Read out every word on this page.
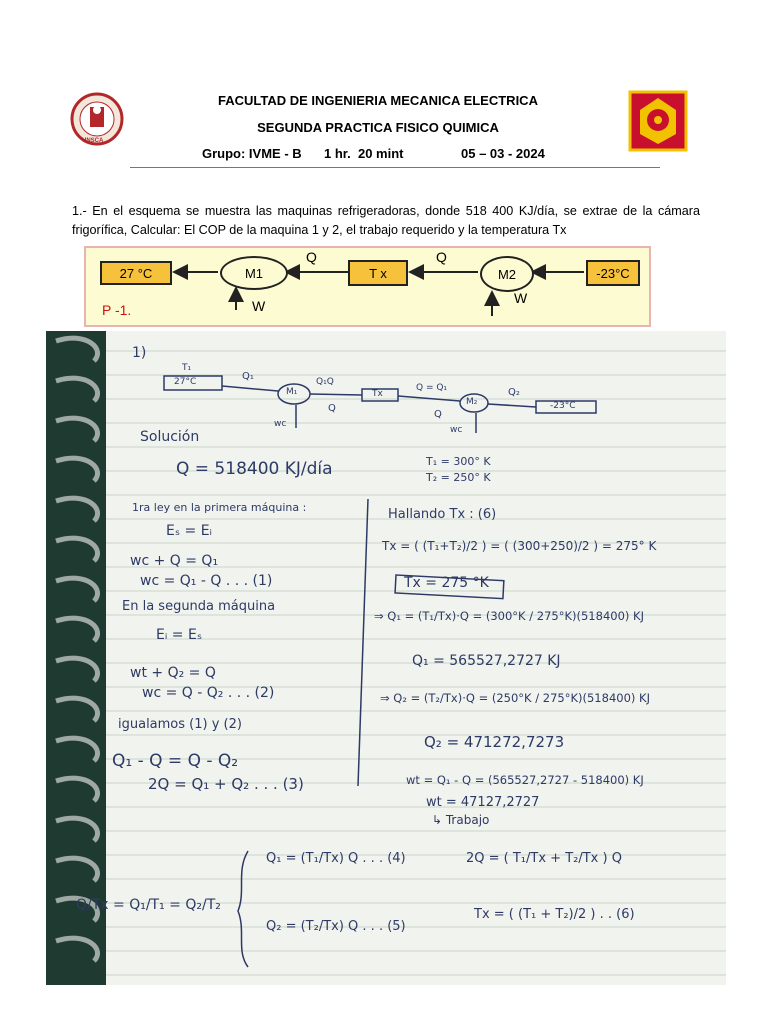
UNSCA
FACULTAD DE INGENIERIA MECANICA ELECTRICA
SEGUNDA PRACTICA FISICO QUIMICA
Grupo: IVME - B 1 hr.  20 mint	05 – 03 - 2024
1.- En el esquema se muestra las maquinas refrigeradoras, donde 518 400 KJ/día, se extrae de la cámara frigorífica, Calcular: El COP de la maquina 1 y 2, el trabajo requerido y la temperatura Tx
27 °C	M1	T x	M2	-23°C
Q	Q
W	W
P -1.
1)
T₁
27°C	Q₁	Q₁Q
M₁
Q
Tx
Q = Q₁
M₂
Q
Q₂
-23°C
wc
wc
Solución
Q = 518400 KJ/día	T₁ = 300° K
T₂ = 250° K
1ra ley en la primera máquina :
Eₛ = Eᵢ
wc + Q = Q₁
wc = Q₁ - Q . . . (1)
En la segunda máquina
Eᵢ = Eₛ
wt + Q₂ = Q
wc = Q - Q₂ . . . (2)
igualamos (1) y (2)
Q₁ - Q = Q - Q₂
2Q = Q₁ + Q₂ . . . (3)
Hallando Tx : (6)
Tx = ( (T₁+T₂)/2 ) = ( (300+250)/2 ) = 275° K
Tx = 275 °K
⇒ Q₁ = (T₁/Tx)·Q = (300°K / 275°K)(518400) KJ
Q₁ = 565527,2727 KJ
⇒ Q₂ = (T₂/Tx)·Q = (250°K / 275°K)(518400) KJ
Q₂ = 471272,7273
wt = Q₁ - Q = (565527,2727 - 518400) KJ
wt = 47127,2727
↳ Trabajo
Q/Tx = Q₁/T₁ = Q₂/T₂
Q₁ = (T₁/Tx) Q . . . (4)
Q₂ = (T₂/Tx) Q . . . (5)
2Q = ( T₁/Tx + T₂/Tx ) Q
Tx = ( (T₁ + T₂)/2 ) . . (6)
